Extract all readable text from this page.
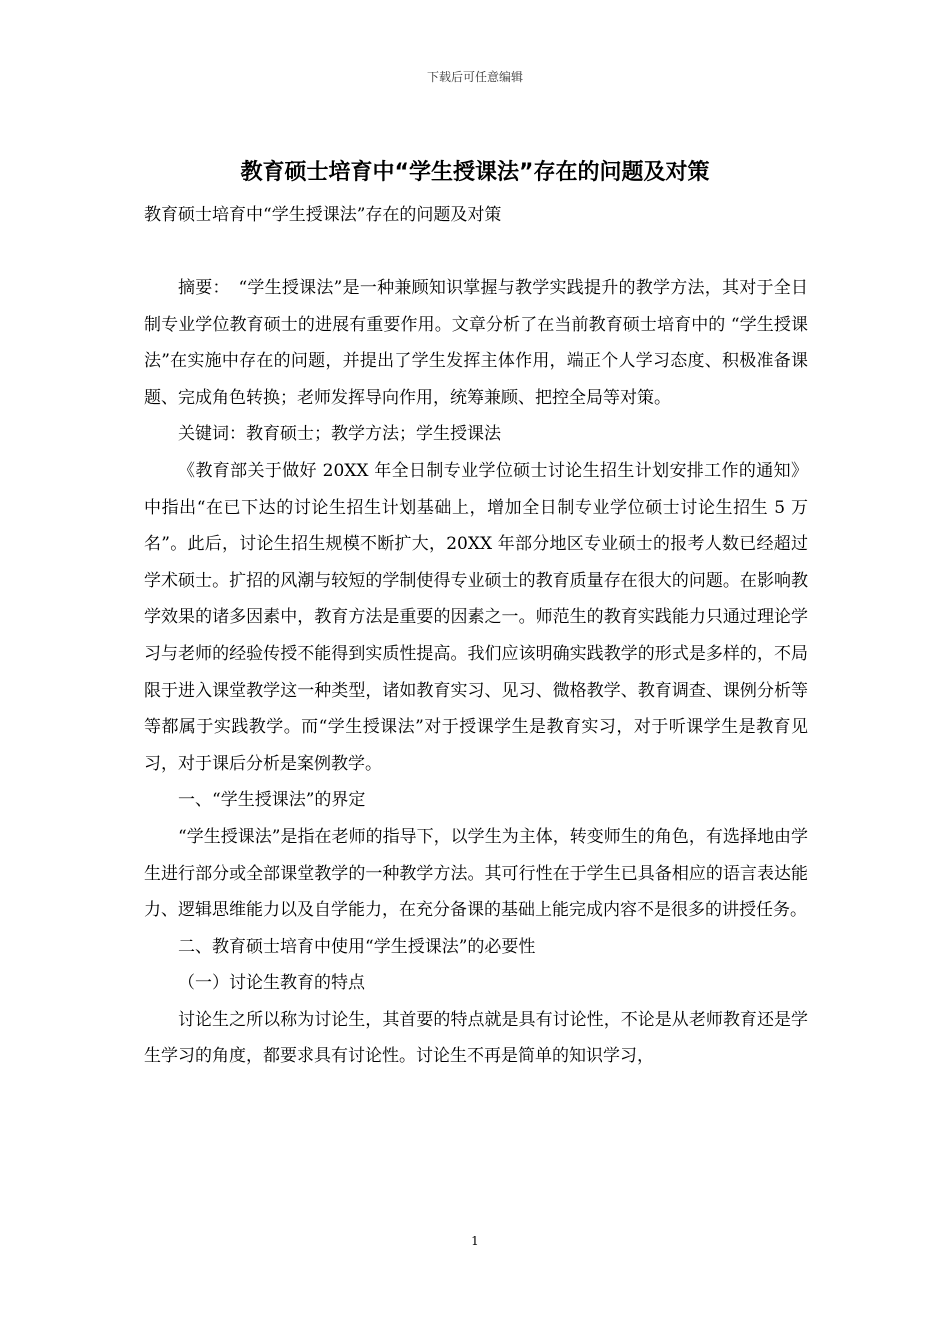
下载后可任意编辑
教育硕士培育中“学生授课法”存在的问题及对策
教育硕士培育中“学生授课法”存在的问题及对策

摘要：　“学生授课法”是一种兼顾知识掌握与教学实践提升的教学方法，其对于全日制专业学位教育硕士的进展有重要作用。文章分析了在当前教育硕士培育中的 “学生授课法”在实施中存在的问题，并提出了学生发挥主体作用，端正个人学习态度、积极准备课题、完成角色转换；老师发挥导向作用，统筹兼顾、把控全局等对策。

关键词：教育硕士；教学方法；学生授课法

《教育部关于做好 20XX 年全日制专业学位硕士讨论生招生计划安排工作的通知》中指出“在已下达的讨论生招生计划基础上，增加全日制专业学位硕士讨论生招生 5 万名”。此后，讨论生招生规模不断扩大，20XX 年部分地区专业硕士的报考人数已经超过学术硕士。扩招的风潮与较短的学制使得专业硕士的教育质量存在很大的问题。在影响教学效果的诸多因素中，教育方法是重要的因素之一。师范生的教育实践能力只通过理论学习与老师的经验传授不能得到实质性提高。我们应该明确实践教学的形式是多样的，不局限于进入课堂教学这一种类型，诸如教育实习、见习、微格教学、教育调查、课例分析等等都属于实践教学。而“学生授课法”对于授课学生是教育实习，对于听课学生是教育见习，对于课后分析是案例教学。

一、“学生授课法”的界定

“学生授课法”是指在老师的指导下，以学生为主体，转变师生的角色，有选择地由学生进行部分或全部课堂教学的一种教学方法。其可行性在于学生已具备相应的语言表达能力、逻辑思维能力以及自学能力，在充分备课的基础上能完成内容不是很多的讲授任务。

二、教育硕士培育中使用“学生授课法”的必要性

（一）讨论生教育的特点

讨论生之所以称为讨论生，其首要的特点就是具有讨论性，不论是从老师教育还是学生学习的角度，都要求具有讨论性。讨论生不再是简单的知识学习，

1
